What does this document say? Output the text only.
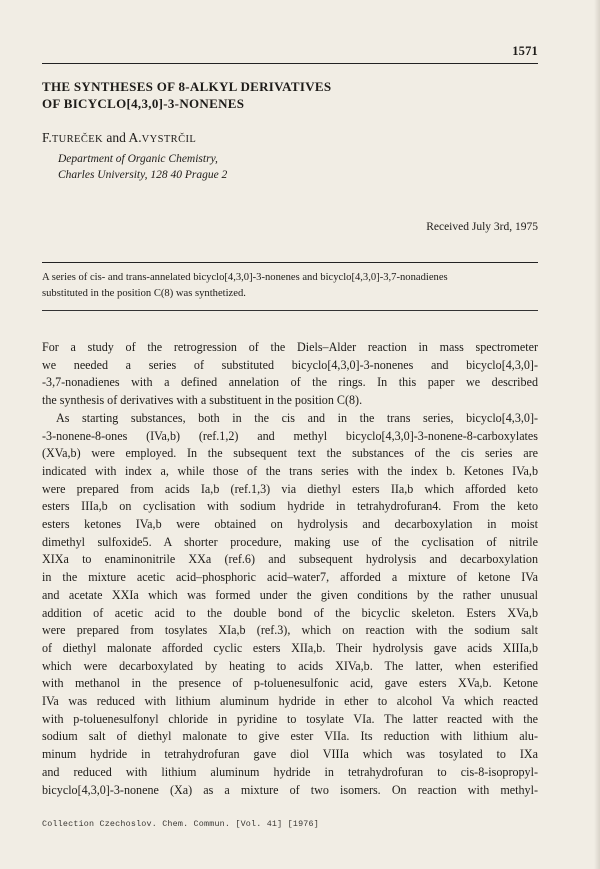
1571
THE SYNTHESES OF 8-ALKYL DERIVATIVES
OF BICYCLO[4,3,0]-3-NONENES
F.TUREČEK and A.VYSTRČIL
Department of Organic Chemistry,
Charles University, 128 40 Prague 2
Received July 3rd, 1975
A series of cis- and trans-annelated bicyclo[4,3,0]-3-nonenes and bicyclo[4,3,0]-3,7-nonadienes
substituted in the position C(8) was synthetized.
For a study of the retrogression of the Diels–Alder reaction in mass spectrometer
we needed a series of substituted bicyclo[4,3,0]-3-nonenes and bicyclo[4,3,0]-
-3,7-nonadienes with a defined annelation of the rings. In this paper we described
the synthesis of derivatives with a substituent in the position C(8).
As starting substances, both in the cis and in the trans series, bicyclo[4,3,0]-
-3-nonene-8-ones (IVa,b) (ref.1,2) and methyl bicyclo[4,3,0]-3-nonene-8-carboxylates
(XVa,b) were employed. In the subsequent text the substances of the cis series are
indicated with index a, while those of the trans series with the index b. Ketones IVa,b
were prepared from acids Ia,b (ref.1,3) via diethyl esters IIa,b which afforded keto
esters IIIa,b on cyclisation with sodium hydride in tetrahydrofuran4. From the keto
esters ketones IVa,b were obtained on hydrolysis and decarboxylation in moist
dimethyl sulfoxide5. A shorter procedure, making use of the cyclisation of nitrile
XIXa to enaminonitrile XXa (ref.6) and subsequent hydrolysis and decarboxylation
in the mixture acetic acid–phosphoric acid–water7, afforded a mixture of ketone IVa
and acetate XXIa which was formed under the given conditions by the rather unusual
addition of acetic acid to the double bond of the bicyclic skeleton. Esters XVa,b
were prepared from tosylates XIa,b (ref.3), which on reaction with the sodium salt
of diethyl malonate afforded cyclic esters XIIa,b. Their hydrolysis gave acids XIIIa,b
which were decarboxylated by heating to acids XIVa,b. The latter, when esterified
with methanol in the presence of p-toluenesulfonic acid, gave esters XVa,b. Ketone
IVa was reduced with lithium aluminum hydride in ether to alcohol Va which reacted
with p-toluenesulfonyl chloride in pyridine to tosylate VIa. The latter reacted with the
sodium salt of diethyl malonate to give ester VIIa. Its reduction with lithium alu-
minum hydride in tetrahydrofuran gave diol VIIIa which was tosylated to IXa
and reduced with lithium aluminum hydride in tetrahydrofuran to cis-8-isopropyl-
bicyclo[4,3,0]-3-nonene (Xa) as a mixture of two isomers. On reaction with methyl-
Collection Czechoslov. Chem. Commun. [Vol. 41] [1976]
